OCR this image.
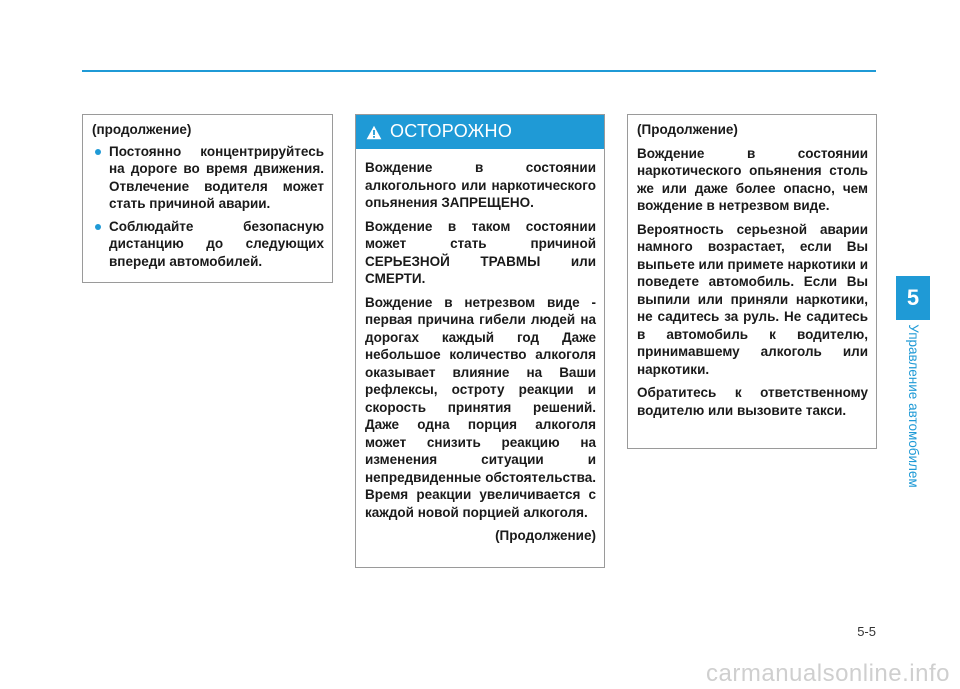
(продолжение)

Постоянно концентрируйтесь на дороге во время движения. Отвлечение водителя может стать причиной аварии.
Соблюдайте безопасную дистанцию до следующих впереди автомобилей.
ОСТОРОЖНО

Вождение в состоянии алкогольного или наркотического опьянения ЗАПРЕЩЕНО.

Вождение в таком состоянии может стать причиной СЕРЬЕЗНОЙ ТРАВМЫ или СМЕРТИ.

Вождение в нетрезвом виде - первая причина гибели людей на дорогах каждый год Даже небольшое количество алкоголя оказывает влияние на Ваши рефлексы, остроту реакции и скорость принятия решений. Даже одна порция алкоголя может снизить реакцию на изменения ситуации и непредвиденные обстоятельства. Время реакции увеличивается с каждой новой порцией алкоголя.

(Продолжение)

(Продолжение)

Вождение в состоянии наркотического опьянения столь же или даже более опасно, чем вождение в нетрезвом виде.

Вероятность серьезной аварии намного возрастает, если Вы выпьете или примете наркотики и поведете автомобиль. Если Вы выпили или приняли наркотики, не садитесь за руль. Не садитесь в автомобиль к водителю, принимавшему алкоголь или наркотики.

Обратитесь к ответственному водителю или вызовите такси.

5
Управление автомобилем
5-5
carmanualsonline.info
